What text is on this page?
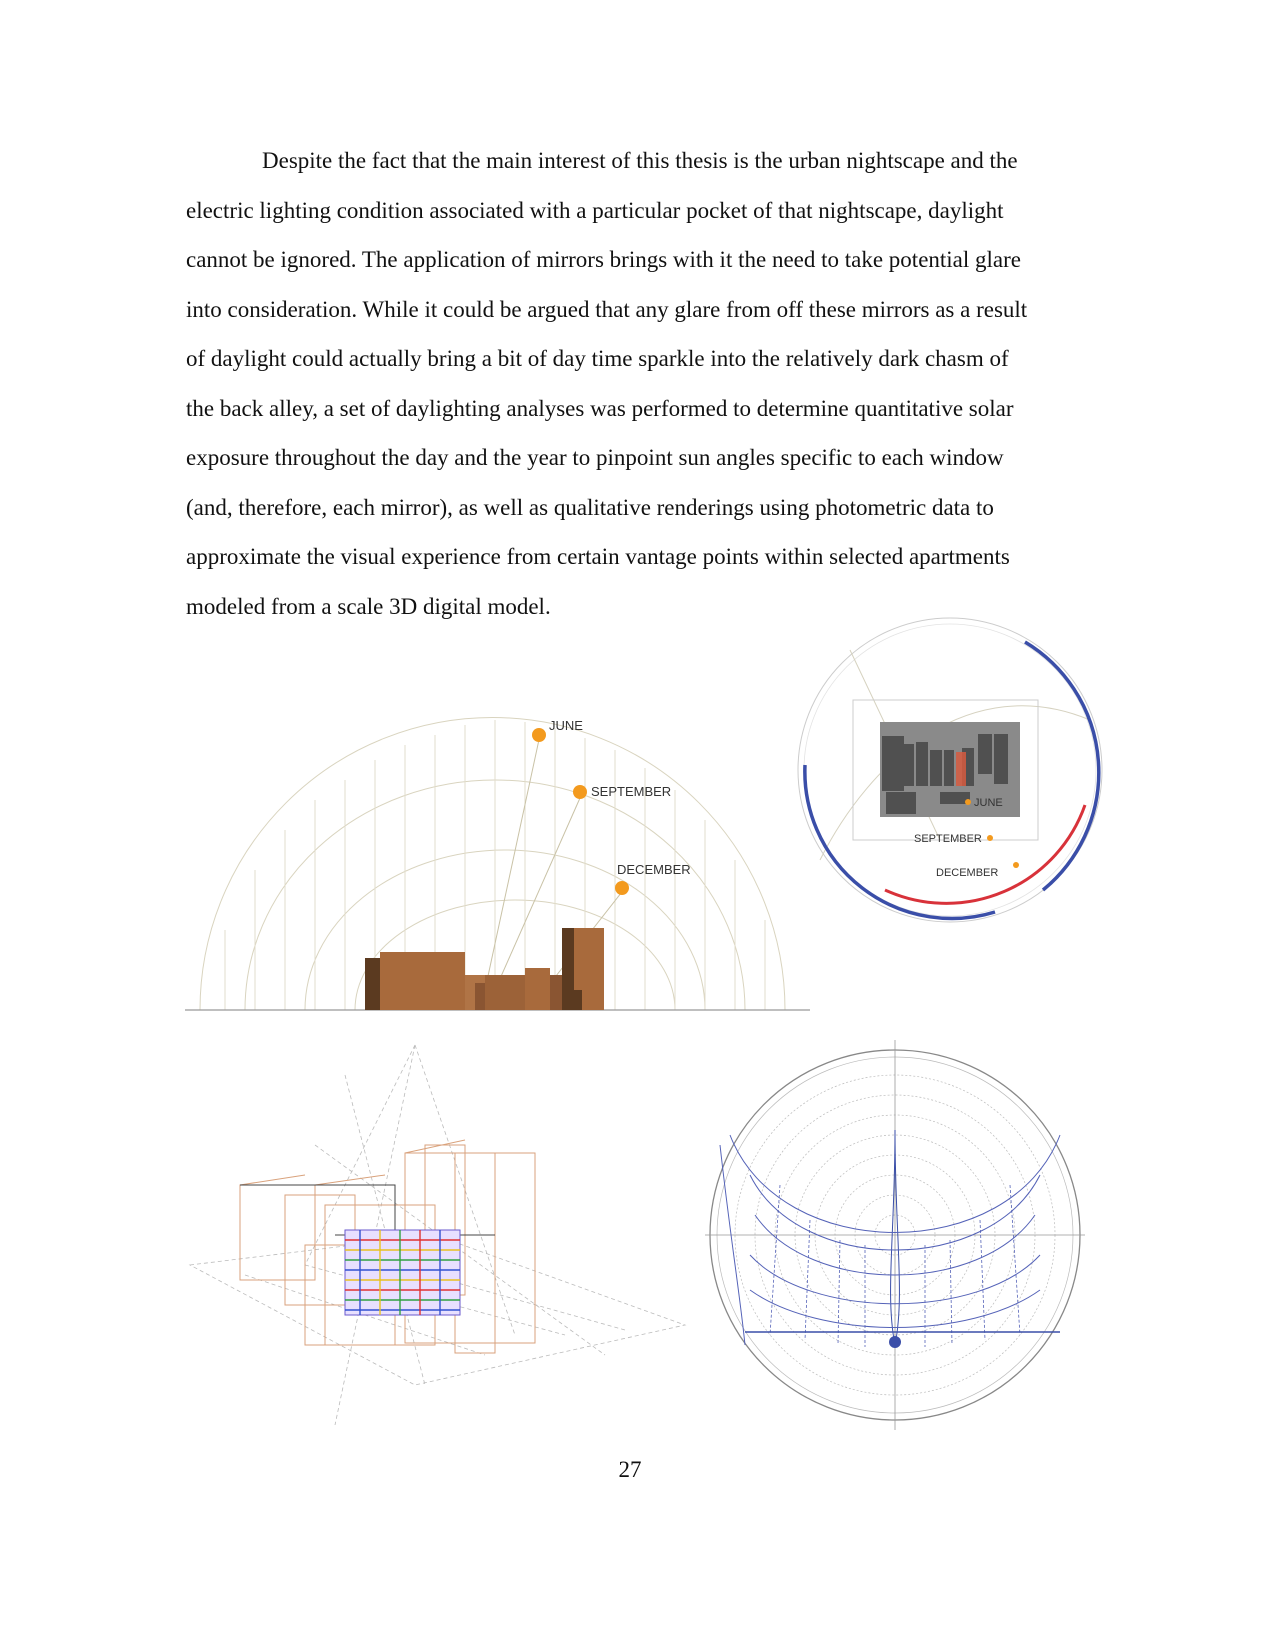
Despite the fact that the main interest of this thesis is the urban nightscape and the
electric lighting condition associated with a particular pocket of that nightscape, daylight
cannot be ignored. The application of mirrors brings with it the need to take potential glare
into consideration. While it could be argued that any glare from off these mirrors as a result
of daylight could actually bring a bit of day time sparkle into the relatively dark chasm of
the back alley, a set of daylighting analyses was performed to determine quantitative solar
exposure throughout the day and the year to pinpoint sun angles specific to each window
(and, therefore, each mirror), as well as qualitative renderings using photometric data to
approximate the visual experience from certain vantage points within selected apartments
modeled from a scale 3D digital model.

JUNE
SEPTEMBER
DECEMBER
JUNE
SEPTEMBER
DECEMBER
27
